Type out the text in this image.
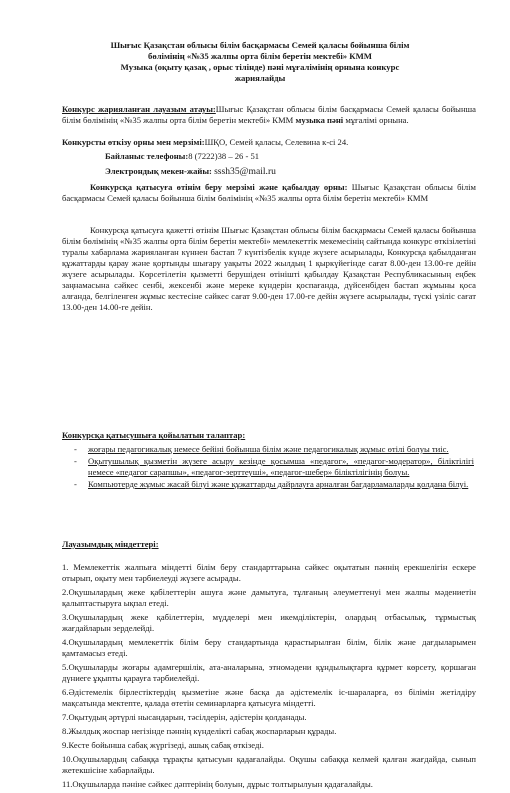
Шығыс Қазақстан облысы білім басқармасы Семей қаласы бойынша білім
бөлімінің «№35 жалпы орта білім беретін мектебі» КММ
Музыка (оқыту қазақ , орыс тілінде) пәні мұғалімінің орнына конкурс
жариялайды
Конкурс жарияланған лауазым атауы:Шығыс Қазақстан облысы білім басқармасы Семей қаласы бойынша білім бөлімінің «№35 жалпы орта білім беретін мектебі» КММ музыка пәні мұғалімі орнына.
Конкурсты өткізу орны мен мерзімі:ШҚО, Семей қаласы, Селевина к-сі 24.
Байланыс телефоны:8 (7222)38 – 26 - 51
Электрондық мекен-жайы: sssh35@mail.ru
Конкурсқа қатысуға өтінім беру мерзімі және қабылдау орны: Шығыс Қазақстан облысы білім басқармасы Семей қаласы бойынша білім бөлімінің «№35 жалпы орта білім беретін мектебі» КММ
Конкурсқа қатысуға қажетті өтінім Шығыс Қазақстан облысы білім басқармасы Семей қаласы бойынша білім бөлімінің «№35 жалпы орта білім беретін мектебі» мемлекеттік мекемесінің сайтында конкурс өткізілетіні туралы хабарлама жарияланған күннен бастап 7 күнтізбелік күнде жүзеге асырылады, Конкурсқа қабылданған құжаттарды қарау және қортынды шығару уақыты 2022 жылдың 1 қыркүйегінде сағат 8.00-ден 13.00-ге дейін жүзеге асырылады. Көрсетілетін қызметті берушіден өтінішті қабылдау Қазақстан Республикасының еңбек заңнамасына сәйкес сенбі, жексенбі және мереке күндерін қоспағанда, дүйсенбіден бастап жұмыны қоса алғанда, белгіленген жұмыс кестесіне сәйкес сағат 9.00-ден 17.00-ге дейін жүзеге асырылады, түскі үзіліс сағат 13.00-ден 14.00-ге дейін.
Конкурсқа қатысушыға қойылатын талаптар:
-	жоғары педагогикалық немесе бейіні бойынша білім және педагогикалық жұмыс өтілі болуы тиіс.
-	Оқытушылық қызметін жүзеге асыру кезінде қосымша «педагог», «педагог-модератор», біліктілігі немесе «педагог сарапшы», «педагог-зерттеуші», «педагог-шебер» біліктілігінің болуы.
-	Компьютерде жұмыс жасай білуі және құжаттарды дайрлауға арналған бағдарламаларды қолдана білуі.
Лауазымдық міндеттері:

1. Мемлекеттік жалпыға міндетті білім беру стандарттарына сәйкес оқытатын пәннің ерекшелігін ескере отырып, оқыту мен тәрбиелеуді жүзеге асырады.

2.Оқушылардың жеке қабілеттерін ашуға және дамытуға, тұлғаның әлеуметтенуі мен жалпы мәдениетін қалыптастыруға ықпал етеді.

3.Оқушылардың жеке қабілеттерін, мүдделері мен икемділіктерін, олардың отбасылық, тұрмыстық жағдайларын зерделейді.

4.Оқушылардың мемлекеттік білім беру стандартында қарастырылған білім, білік және дағдыларымен қамтамасыз етеді.

5.Оқушыларды жоғары адамгершілік, ата-аналарына, этномәдени құндылықтарға құрмет көрсету, қоршаған дүниеге ұқыпты қарауға тәрбиелейді.

6.Әдістемелік бірлестіктердің қызметіне және басқа да әдістемелік іс-шараларға, өз білімін жетілдіру мақсатында мектепте, қалада өтетін семинарларға қатысуға міндетті.

7.Оқытудың әртүрлі нысандарын, тәсілдерін, әдістерін қолданады.

8.Жылдық жоспар негізінде пәннің күнделікті сабақ жоспарларын құрады.

9.Кесте бойынша сабақ жүргізеді, ашық сабақ өткізеді.

10.Оқушылардың сабаққа тұрақты қатысуын қадағалайды. Оқушы сабаққа келмей қалған жағдайда, сынып жетекшісіне хабарлайды.

11.Оқушыларда пәніне сәйкес дәптерінің болуын, дұрыс толтырылуын қадағалайды.
